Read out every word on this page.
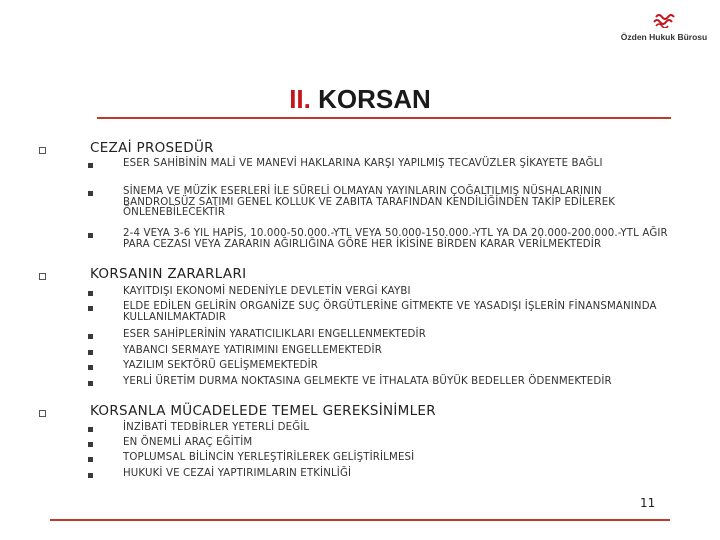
Özden Hukuk Bürosu
II. KORSAN
CEZAİ PROSEDÜR
ESER SAHİBİNİN MALİ VE MANEVİ HAKLARINA KARŞI YAPILMIŞ TECAVÜZLER ŞİKAYETE BAĞLI
SİNEMA VE MÜZİK ESERLERİ İLE SÜRELİ OLMAYAN YAYINLARIN ÇOĞALTILMIŞ NÜSHALARININ BANDROLSÜZ SATIMI GENEL KOLLUK VE ZABITA TARAFINDAN KENDİLİĞİNDEN TAKİP EDİLEREK ÖNLENEBİLECEKTİR
2-4 VEYA 3-6 YIL HAPİS, 10.000-50.000.-YTL VEYA 50.000-150.000.-YTL YA DA 20.000-200.000.-YTL AĞIR PARA CEZASI VEYA ZARARIN AĞIRLIĞINA GÖRE HER İKİSİNE BİRDEN KARAR VERİLMEKTEDİR
KORSANIN ZARARLARI
KAYITDIŞI EKONOMİ NEDENİYLE DEVLETİN VERGİ KAYBI
ELDE EDİLEN GELİRİN ORGANİZE SUÇ ÖRGÜTLERİNE GİTMEKTE VE YASADIŞI İŞLERİN FİNANSMANINDA KULLANILMAKTADIR
ESER SAHİPLERİNİN YARATICILIKLARI ENGELLENMEKTEDİR
YABANCI SERMAYE YATIRIMINI ENGELLEMEKTEDİR
YAZILIM SEKTÖRÜ GELİŞMEMEKTEDİR
YERLİ ÜRETİM DURMA NOKTASINA GELMEKTE VE İTHALATA BÜYÜK BEDELLER ÖDENMEKTEDİR
KORSANLA MÜCADELEDE TEMEL GEREKSİNİMLER
İNZİBATİ TEDBİRLER YETERLİ DEĞİL
EN ÖNEMLİ ARAÇ EĞİTİM
TOPLUMSAL BİLİNCİN YERLEŞTİRİLEREK GELİŞTİRİLMESİ
HUKUKİ VE CEZAİ YAPTIRIMLARIN ETKİNLİĞİ
11
